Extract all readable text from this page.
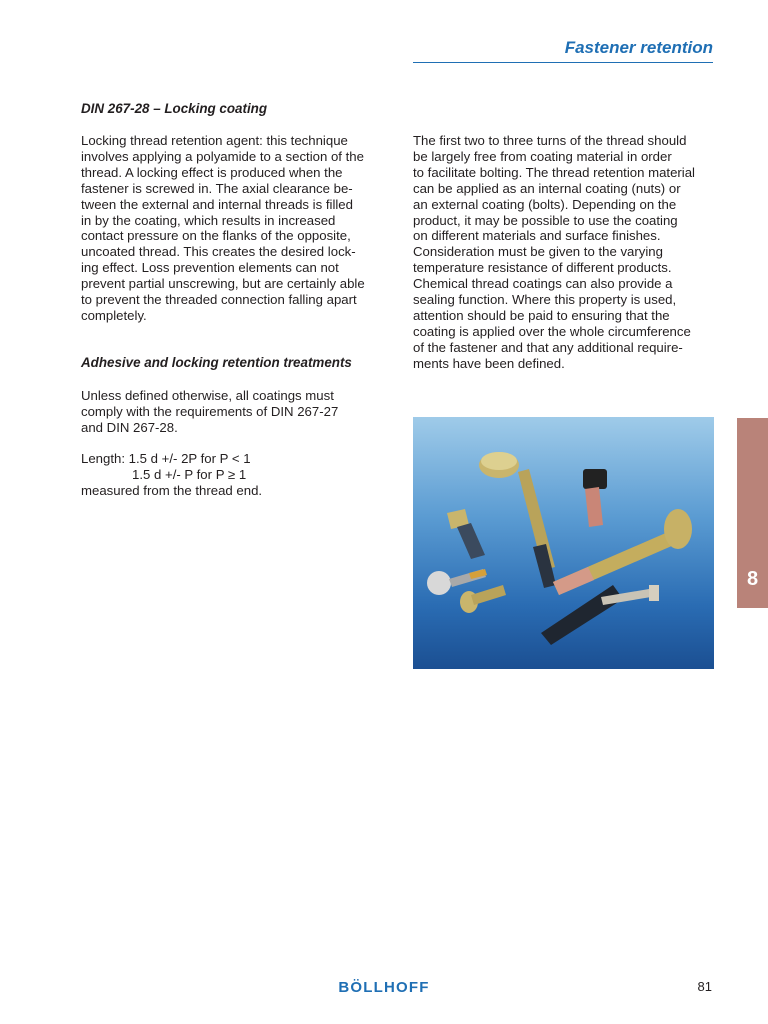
Fastener retention
DIN 267-28 – Locking coating
Locking thread retention agent: this technique
involves applying a polyamide to a section of the
thread. A locking effect is produced when the
fastener is screwed in. The axial clearance be-
tween the external and internal threads is filled
in by the coating, which results in increased
contact pressure on the flanks of the opposite,
uncoated thread. This creates the desired lock-
ing effect. Loss prevention elements can not
prevent partial unscrewing, but are certainly able
to prevent the threaded connection falling apart
completely.
Adhesive and locking retention treatments
Unless defined otherwise, all coatings must
comply with the requirements of DIN 267-27
and DIN 267-28.
Length: 1.5 d +/- 2P for P < 1
1.5 d +/- P for P ≥ 1
measured from the thread end.
The first two to three turns of the thread should
be largely free from coating material in order
to facilitate bolting. The thread retention material
can be applied as an internal coating (nuts) or
an external coating (bolts). Depending on the
product, it may be possible to use the coating
on different materials and surface finishes.
Consideration must be given to the varying
temperature resistance of different products.
Chemical thread coatings can also provide a
sealing function. Where this property is used,
attention should be paid to ensuring that the
coating is applied over the whole circumference
of the fastener and that any additional require-
ments have been defined.
8
BÖLLHOFF	81
